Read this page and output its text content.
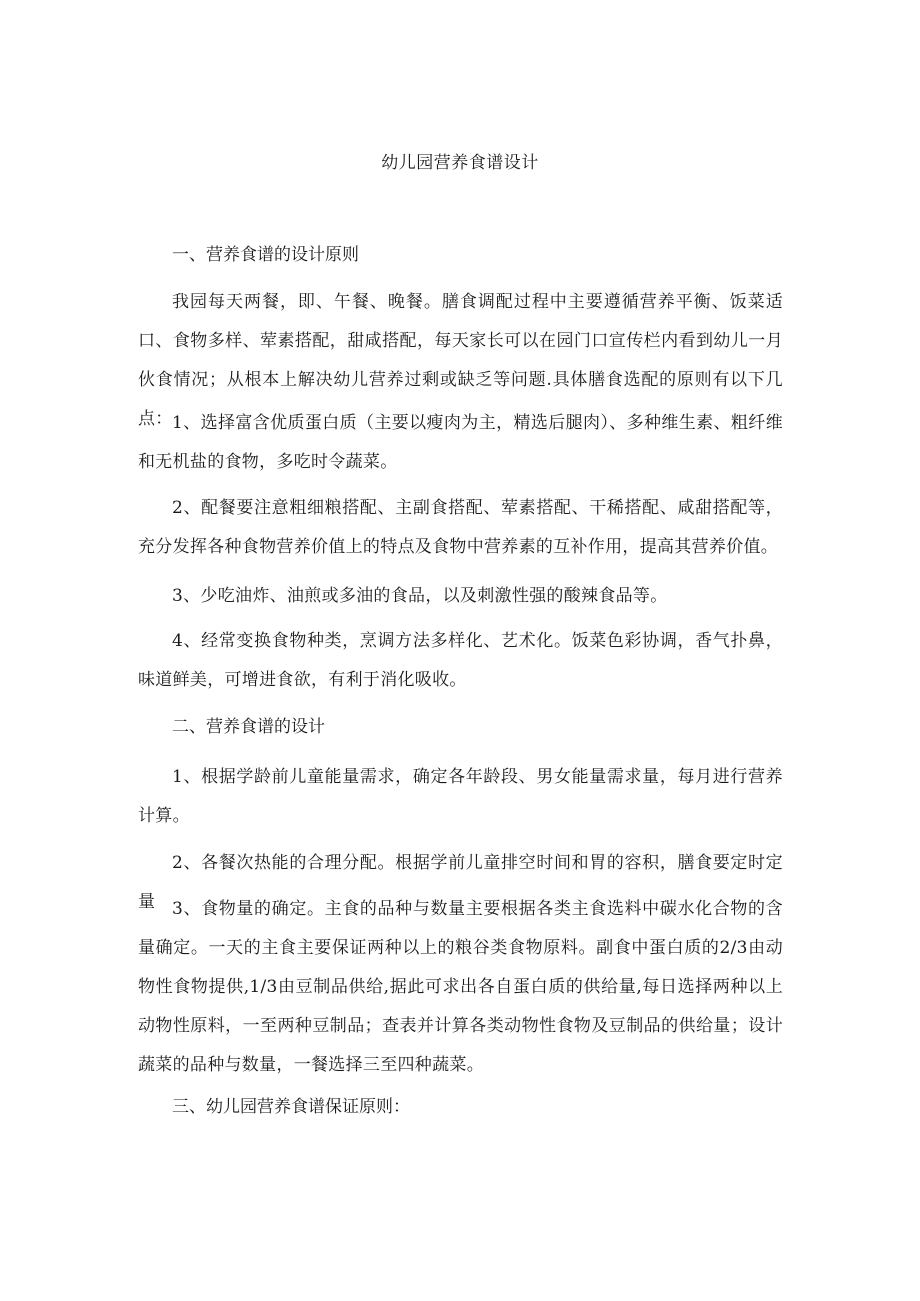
幼儿园营养食谱设计

一、营养食谱的设计原则

我园每天两餐，即、午餐、晚餐。膳食调配过程中主要遵循营养平衡、饭菜适口、食物多样、荤素搭配，甜咸搭配，每天家长可以在园门口宣传栏内看到幼儿一月伙食情况；从根本上解决幼儿营养过剩或缺乏等问题.具体膳食选配的原则有以下几点： 1、选择富含优质蛋白质（主要以瘦肉为主，精选后腿肉）、多种维生素、粗纤维和无机盐的食物，多吃时令蔬菜。

2、配餐要注意粗细粮搭配、主副食搭配、荤素搭配、干稀搭配、咸甜搭配等，充分发挥各种食物营养价值上的特点及食物中营养素的互补作用，提高其营养价值。

3、少吃油炸、油煎或多油的食品，以及刺激性强的酸辣食品等。

4、经常变换食物种类，烹调方法多样化、艺术化。饭菜色彩协调，香气扑鼻，味道鲜美，可增进食欲，有利于消化吸收。

二、营养食谱的设计

1、根据学龄前儿童能量需求，确定各年龄段、男女能量需求量，每月进行营养计算。

2、各餐次热能的合理分配。根据学前儿童排空时间和胃的容积，膳食要定时定量 3、食物量的确定。主食的品种与数量主要根据各类主食选料中碳水化合物的含量确定。一天的主食主要保证两种以上的粮谷类食物原料。副食中蛋白质的2/3由动物性食物提供,1/3由豆制品供给,据此可求出各自蛋白质的供给量,每日选择两种以上动物性原料，一至两种豆制品；查表并计算各类动物性食物及豆制品的供给量；设计蔬菜的品种与数量，一餐选择三至四种蔬菜。

三、幼儿园营养食谱保证原则：
